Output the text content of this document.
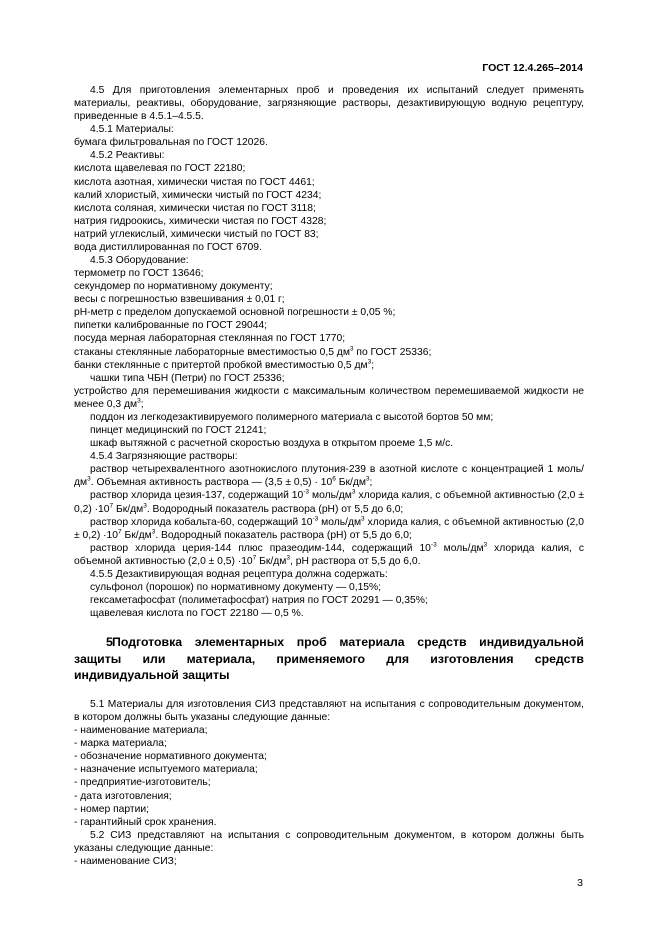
ГОСТ 12.4.265–2014

4.5 Для приготовления элементарных проб и проведения их испытаний следует применять материалы, реактивы, оборудование, загрязняющие растворы, дезактивирующую водную рецептуру, приведенные в 4.5.1–4.5.5.

4.5.1 Материалы:

бумага фильтровальная по ГОСТ 12026.

4.5.2 Реактивы:

кислота щавелевая по ГОСТ 22180;

кислота азотная, химически чистая по ГОСТ 4461;

калий хлористый, химически чистый по ГОСТ 4234;

кислота соляная, химически чистая по ГОСТ 3118;

натрия гидроокись, химически чистая по ГОСТ 4328;

натрий углекислый, химически чистый по ГОСТ 83;

вода дистиллированная по ГОСТ 6709.

4.5.3 Оборудование:

термометр по ГОСТ 13646;

секундомер по нормативному документу;

весы с погрешностью взвешивания ± 0,01 г;

pH-метр с пределом допускаемой основной погрешности ± 0,05 %;

пипетки калиброванные по ГОСТ 29044;

посуда мерная лабораторная стеклянная по ГОСТ 1770;

стаканы стеклянные лабораторные вместимостью 0,5 $дм^3$ по ГОСТ 25336;

банки стеклянные с притертой пробкой вместимостью 0,5 $дм^3$;

чашки типа ЧБН (Петри) по ГОСТ 25336;

устройство для перемешивания жидкости с максимальным количеством перемешиваемой жидкости не менее 0,3 $дм^3$;

поддон из легкодезактивируемого полимерного материала с высотой бортов 50 мм;

пинцет медицинский по ГОСТ 21241;

шкаф вытяжной с расчетной скоростью воздуха в открытом проеме 1,5 м/с.

4.5.4 Загрязняющие растворы:

раствор четырехвалентного азотнокислого плутония-239 в азотной кислоте с концентрацией 1 моль/$дм^3$. Объемная активность раствора — $(3,5 \pm 0,5) \cdot 10^6$ $Бк/дм^3$;

раствор хлорида цезия-137, содержащий $10^{-3}$ моль/$дм^3$ хлорида калия, с объемной активностью $(2,0 \pm 0,2) \cdot 10^7$ $Бк/дм^3$. Водородный показатель раствора (pH) от 5,5 до 6,0;

раствор хлорида кобальта-60, содержащий $10^{-3}$ моль/$дм^3$ хлорида калия, с объемной активностью $(2,0 \pm 0,2) \cdot 10^7$ $Бк/дм^3$. Водородный показатель раствора (pH) от 5,5 до 6,0;

раствор хлорида церия-144 плюс празеодим-144, содержащий $10^{-3}$ моль/$дм^3$ хлорида калия, с объемной активностью $(2,0 \pm 0,5) \cdot 10^7$ $Бк/дм^3$, pH раствора от 5,5 до 6,0.

4.5.5 Дезактивирующая водная рецептура должна содержать:

сульфонол (порошок) по нормативному документу — 0,15%;

гексаметафосфат (полиметафосфат) натрия по ГОСТ 20291 — 0,35%;

щавелевая кислота по ГОСТ 22180 — 0,5 %.

5Подготовка элементарных проб материала средств индивидуальной защиты или материала, применяемого для изготовления средств индивидуальной защиты

5.1 Материалы для изготовления СИЗ представляют на испытания с сопроводительным документом, в котором должны быть указаны следующие данные:

- наименование материала;

- марка материала;

- обозначение нормативного документа;

- назначение испытуемого материала;

- предприятие-изготовитель;

- дата изготовления;

- номер партии;

- гарантийный срок хранения.

5.2 СИЗ представляют на испытания с сопроводительным документом, в котором должны быть указаны следующие данные:

- наименование СИЗ;

3
